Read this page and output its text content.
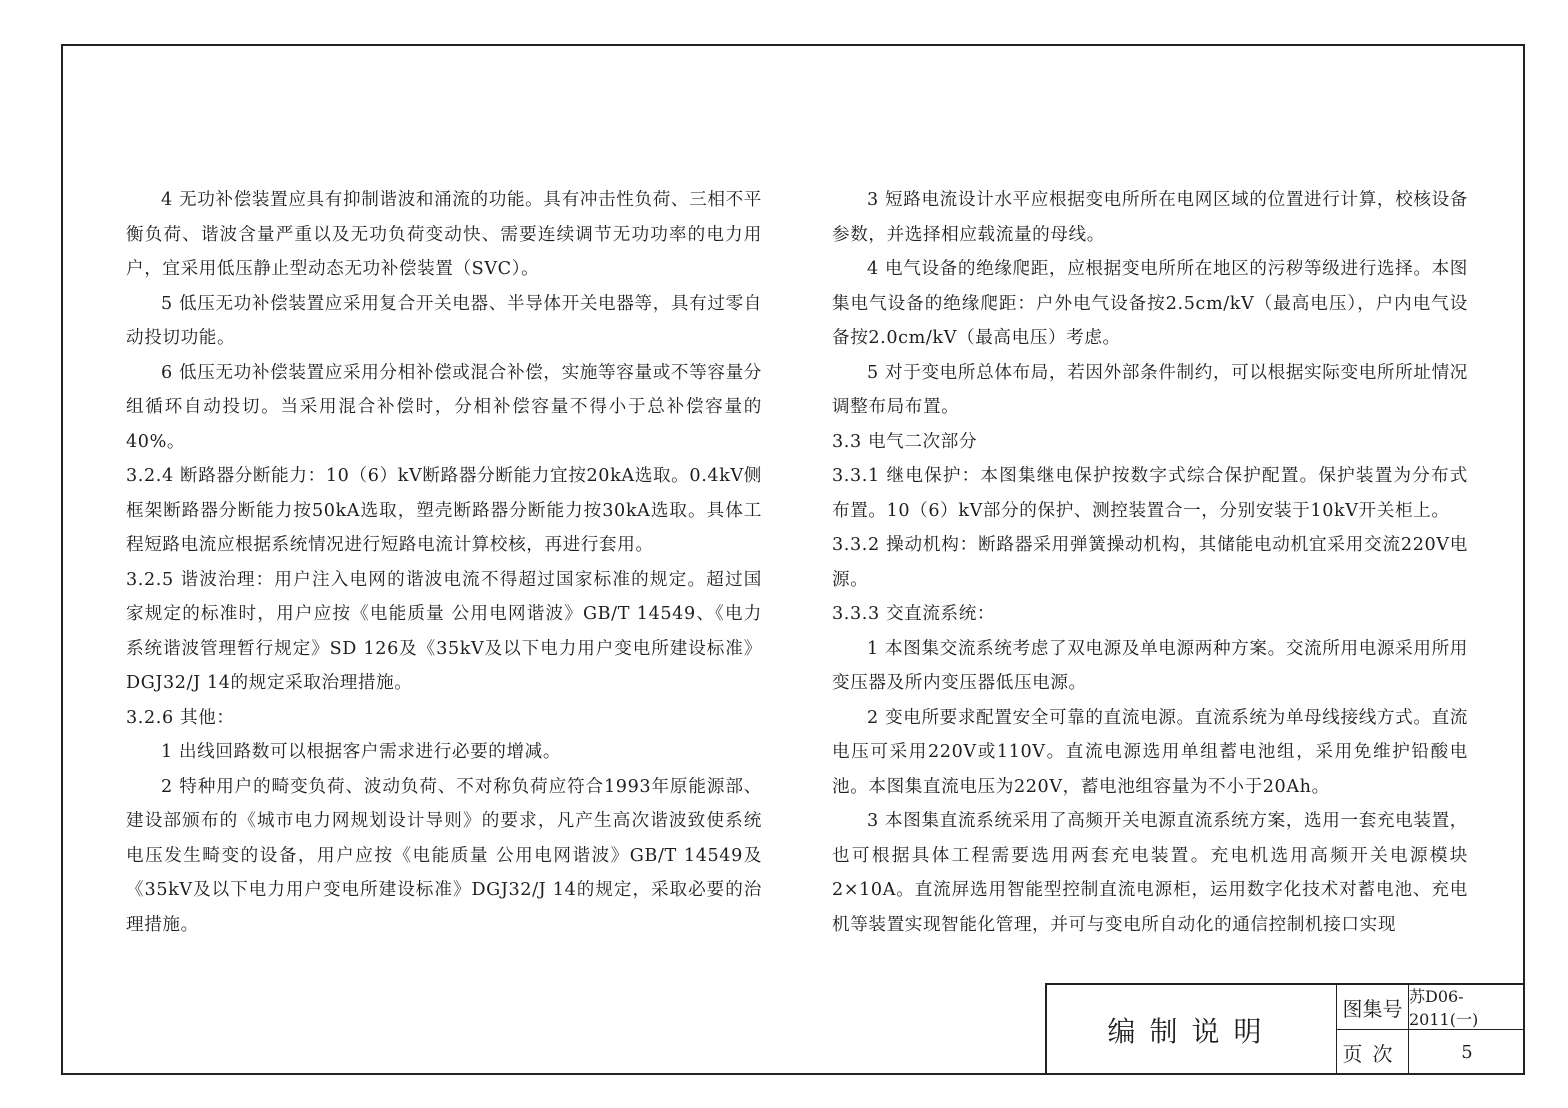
4 无功补偿装置应具有抑制谐波和涌流的功能。具有冲击性负荷、三相不平衡负荷、谐波含量严重以及无功负荷变动快、需要连续调节无功功率的电力用户，宜采用低压静止型动态无功补偿装置（SVC）。

5 低压无功补偿装置应采用复合开关电器、半导体开关电器等，具有过零自动投切功能。

6 低压无功补偿装置应采用分相补偿或混合补偿，实施等容量或不等容量分组循环自动投切。当采用混合补偿时，分相补偿容量不得小于总补偿容量的40%。

3.2.4 断路器分断能力：10（6）kV断路器分断能力宜按20kA选取。0.4kV侧框架断路器分断能力按50kA选取，塑壳断路器分断能力按30kA选取。具体工程短路电流应根据系统情况进行短路电流计算校核，再进行套用。

3.2.5 谐波治理：用户注入电网的谐波电流不得超过国家标准的规定。超过国家规定的标准时，用户应按《电能质量 公用电网谐波》GB/T 14549、《电力系统谐波管理暂行规定》SD 126及《35kV及以下电力用户变电所建设标准》DGJ32/J 14的规定采取治理措施。

3.2.6 其他：

1 出线回路数可以根据客户需求进行必要的增减。

2 特种用户的畸变负荷、波动负荷、不对称负荷应符合1993年原能源部、建设部颁布的《城市电力网规划设计导则》的要求，凡产生高次谐波致使系统电压发生畸变的设备，用户应按《电能质量 公用电网谐波》GB/T 14549及《35kV及以下电力用户变电所建设标准》DGJ32/J 14的规定，采取必要的治理措施。

3 短路电流设计水平应根据变电所所在电网区域的位置进行计算，校核设备参数，并选择相应载流量的母线。

4 电气设备的绝缘爬距，应根据变电所所在地区的污秽等级进行选择。本图集电气设备的绝缘爬距：户外电气设备按2.5cm/kV（最高电压），户内电气设备按2.0cm/kV（最高电压）考虑。

5 对于变电所总体布局，若因外部条件制约，可以根据实际变电所所址情况调整布局布置。

3.3 电气二次部分

3.3.1 继电保护：本图集继电保护按数字式综合保护配置。保护装置为分布式布置。10（6）kV部分的保护、测控装置合一，分别安装于10kV开关柜上。

3.3.2 操动机构：断路器采用弹簧操动机构，其储能电动机宜采用交流220V电源。

3.3.3 交直流系统：

1 本图集交流系统考虑了双电源及单电源两种方案。交流所用电源采用所用变压器及所内变压器低压电源。

2 变电所要求配置安全可靠的直流电源。直流系统为单母线接线方式。直流电压可采用220V或110V。直流电源选用单组蓄电池组，采用免维护铅酸电池。本图集直流电压为220V，蓄电池组容量为不小于20Ah。

3 本图集直流系统采用了高频开关电源直流系统方案，选用一套充电装置，也可根据具体工程需要选用两套充电装置。充电机选用高频开关电源模块2×10A。直流屏选用智能型控制直流电源柜，运用数字化技术对蓄电池、充电机等装置实现智能化管理，并可与变电所自动化的通信控制机接口实现

编制说明
图集号 苏D06-2011(一)
页次	5
